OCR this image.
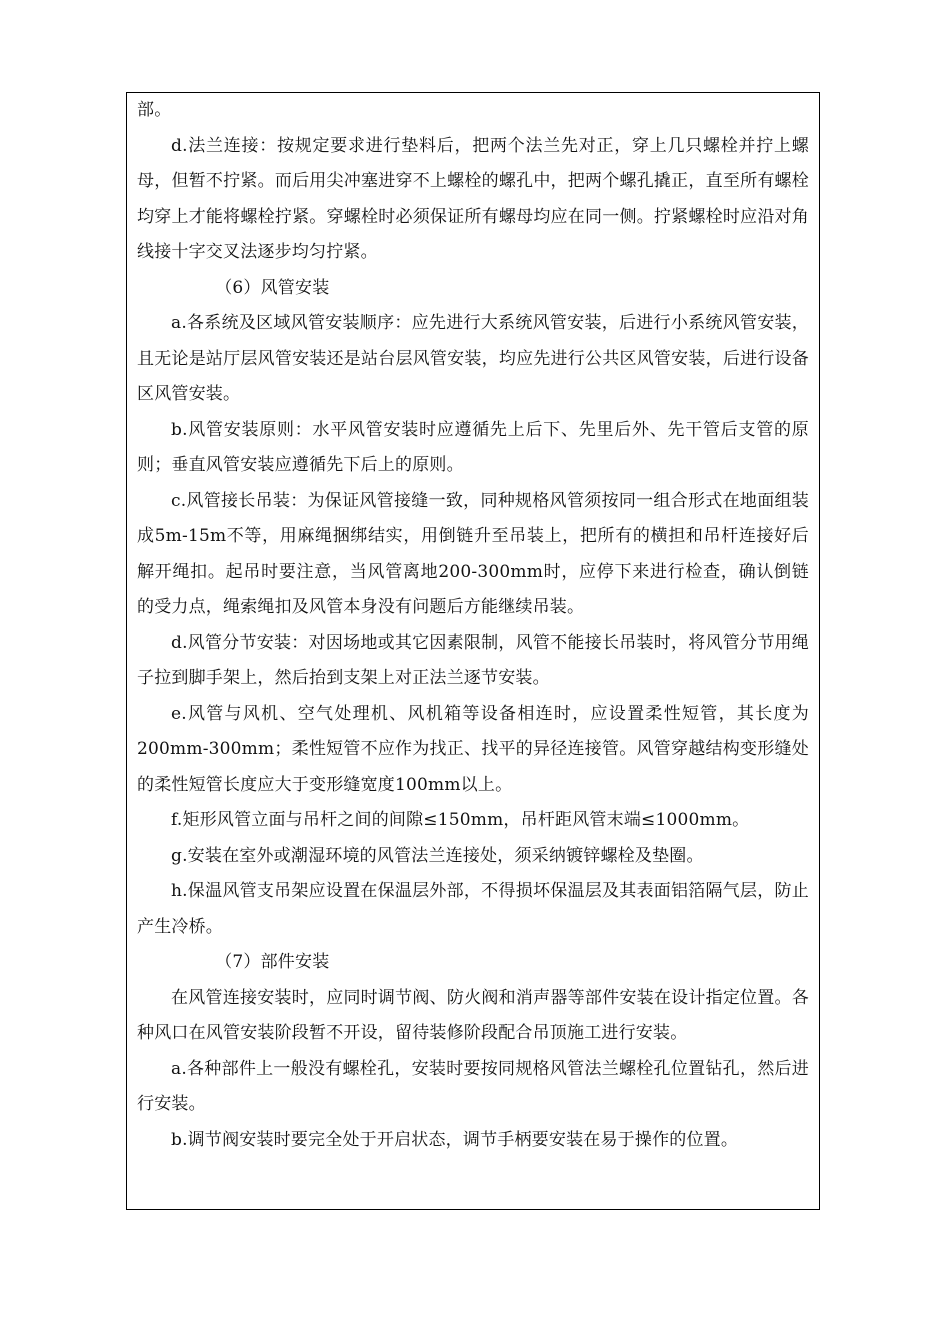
部。

d.法兰连接：按规定要求进行垫料后，把两个法兰先对正，穿上几只螺栓并拧上螺母，但暂不拧紧。而后用尖冲塞进穿不上螺栓的螺孔中，把两个螺孔撬正，直至所有螺栓均穿上才能将螺栓拧紧。穿螺栓时必须保证所有螺母均应在同一侧。拧紧螺栓时应沿对角线接十字交叉法逐步均匀拧紧。

（6）风管安装

a.各系统及区域风管安装顺序：应先进行大系统风管安装，后进行小系统风管安装，且无论是站厅层风管安装还是站台层风管安装，均应先进行公共区风管安装，后进行设备区风管安装。

b.风管安装原则：水平风管安装时应遵循先上后下、先里后外、先干管后支管的原则；垂直风管安装应遵循先下后上的原则。

c.风管接长吊装：为保证风管接缝一致，同种规格风管须按同一组合形式在地面组装成5m-15m不等，用麻绳捆绑结实，用倒链升至吊装上，把所有的横担和吊杆连接好后解开绳扣。起吊时要注意，当风管离地200-300mm时，应停下来进行检查，确认倒链的受力点，绳索绳扣及风管本身没有问题后方能继续吊装。

d.风管分节安装：对因场地或其它因素限制，风管不能接长吊装时，将风管分节用绳子拉到脚手架上，然后抬到支架上对正法兰逐节安装。

e.风管与风机、空气处理机、风机箱等设备相连时，应设置柔性短管，其长度为200mm-300mm；柔性短管不应作为找正、找平的异径连接管。风管穿越结构变形缝处的柔性短管长度应大于变形缝宽度100mm以上。

f.矩形风管立面与吊杆之间的间隙≤150mm，吊杆距风管末端≤1000mm。

g.安装在室外或潮湿环境的风管法兰连接处，须采纳镀锌螺栓及垫圈。

h.保温风管支吊架应设置在保温层外部，不得损坏保温层及其表面铝箔隔气层，防止产生冷桥。

（7）部件安装

在风管连接安装时，应同时调节阀、防火阀和消声器等部件安装在设计指定位置。各种风口在风管安装阶段暂不开设，留待装修阶段配合吊顶施工进行安装。

a.各种部件上一般没有螺栓孔，安装时要按同规格风管法兰螺栓孔位置钻孔，然后进行安装。

b.调节阀安装时要完全处于开启状态，调节手柄要安装在易于操作的位置。
